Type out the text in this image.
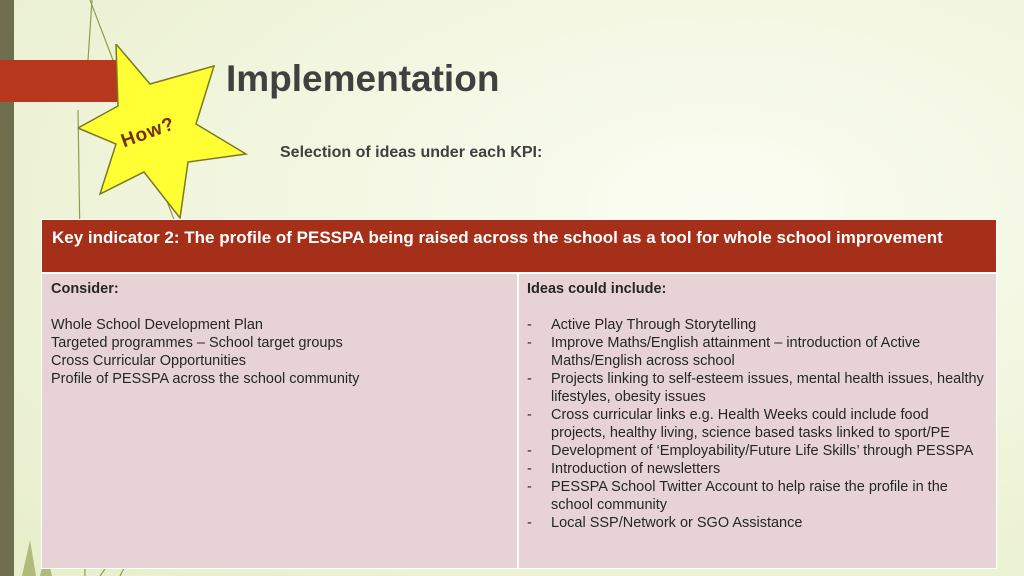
How?
Implementation

Selection of ideas under each KPI:

Key indicator 2: The profile of PESSPA being raised across the school as a tool for whole school improvement
Consider:
Whole School Development Plan
Targeted programmes – School target groups
Cross Curricular Opportunities
Profile of PESSPA across the school community
Ideas could include:
- Active Play Through Storytelling
- Improve Maths/English attainment – introduction of Active Maths/English across school
- Projects linking to self-esteem issues, mental health issues, healthy lifestyles, obesity issues
- Cross curricular links e.g. Health Weeks could include food projects, healthy living, science based tasks linked to sport/PE
- Development of ‘Employability/Future Life Skills’ through PESSPA
- Introduction of newsletters
- PESSPA School Twitter Account to help raise the profile in the school community
- Local SSP/Network or SGO Assistance
